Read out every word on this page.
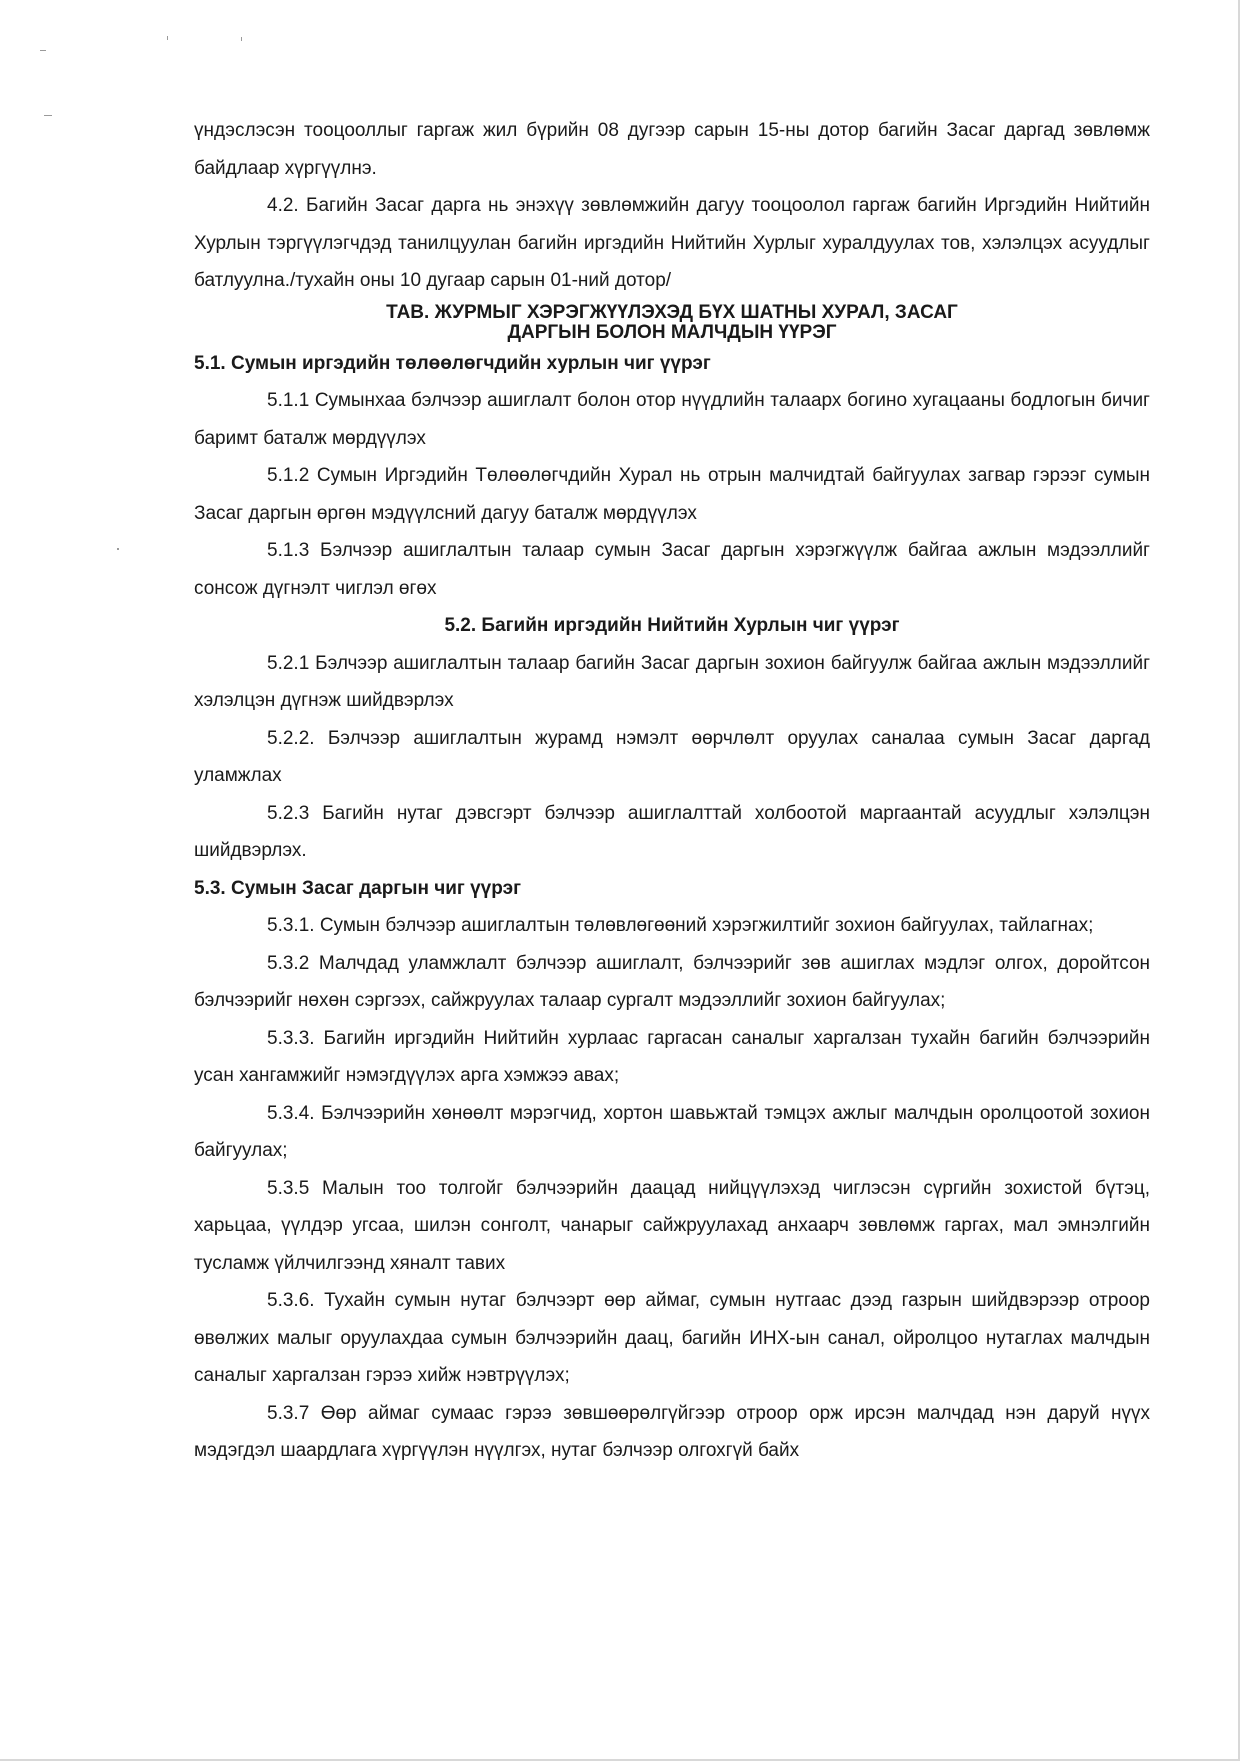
үндэслэсэн тооцооллыг гаргаж жил бүрийн 08 дугээр сарын 15-ны дотор багийн Засаг даргад зөвлөмж байдлаар хүргүүлнэ.

4.2. Багийн Засаг дарга нь энэхүү зөвлөмжийн дагуу тооцоолол гаргаж багийн Иргэдийн Нийтийн Хурлын тэргүүлэгчдэд танилцуулан багийн иргэдийн Нийтийн Хурлыг хуралдуулах тов, хэлэлцэх асуудлыг батлуулна./тухайн оны 10 дугаар сарын 01-ний дотор/

ТАВ. ЖУРМЫГ ХЭРЭГЖҮҮЛЭХЭД БҮХ ШАТНЫ ХУРАЛ, ЗАСАГ
ДАРГЫН БОЛОН МАЛЧДЫН ҮҮРЭГ

5.1. Сумын иргэдийн төлөөлөгчдийн хурлын чиг үүрэг

5.1.1 Сумынхаа бэлчээр ашиглалт болон отор нүүдлийн талаарх богино хугацааны бодлогын бичиг баримт баталж мөрдүүлэх

5.1.2 Сумын Иргэдийн Төлөөлөгчдийн Хурал нь отрын малчидтай байгуулах загвар гэрээг сумын Засаг даргын өргөн мэдүүлсний дагуу баталж мөрдүүлэх

5.1.3 Бэлчээр ашиглалтын талаар сумын Засаг даргын хэрэгжүүлж байгаа ажлын мэдээллийг сонсож дүгнэлт чиглэл өгөх

5.2. Багийн иргэдийн Нийтийн Хурлын чиг үүрэг

5.2.1 Бэлчээр ашиглалтын талаар багийн Засаг даргын зохион байгуулж байгаа ажлын мэдээллийг хэлэлцэн дүгнэж шийдвэрлэх

5.2.2. Бэлчээр ашиглалтын журамд нэмэлт өөрчлөлт оруулах саналаа сумын Засаг даргад уламжлах

5.2.3 Багийн нутаг дэвсгэрт бэлчээр ашиглалттай холбоотой маргаантай асуудлыг хэлэлцэн шийдвэрлэх.

5.3. Сумын Засаг даргын чиг үүрэг

5.3.1. Сумын бэлчээр ашиглалтын төлөвлөгөөний хэрэгжилтийг зохион байгуулах, тайлагнах;

5.3.2 Малчдад уламжлалт бэлчээр ашиглалт, бэлчээрийг зөв ашиглах мэдлэг олгох, доройтсон бэлчээрийг нөхөн сэргээх, сайжруулах талаар сургалт мэдээллийг зохион байгуулах;

5.3.3. Багийн иргэдийн Нийтийн хурлаас гаргасан саналыг харгалзан тухайн багийн бэлчээрийн усан хангамжийг нэмэгдүүлэх арга хэмжээ авах;

5.3.4. Бэлчээрийн хөнөөлт мэрэгчид, хортон шавьжтай тэмцэх ажлыг малчдын оролцоотой зохион байгуулах;

5.3.5 Малын тоо толгойг бэлчээрийн даацад нийцүүлэхэд чиглэсэн сүргийн зохистой бүтэц, харьцаа, үүлдэр угсаа, шилэн сонголт, чанарыг сайжруулахад анхаарч зөвлөмж гаргах, мал эмнэлгийн тусламж үйлчилгээнд хяналт тавих

5.3.6. Тухайн сумын нутаг бэлчээрт өөр аймаг, сумын нутгаас дээд газрын шийдвэрээр отроор өвөлжих малыг оруулахдаа сумын бэлчээрийн даац, багийн ИНХ-ын санал, ойролцоо нутаглах малчдын саналыг харгалзан гэрээ хийж нэвтрүүлэх;

5.3.7 Өөр аймаг сумаас гэрээ зөвшөөрөлгүйгээр отроор орж ирсэн малчдад нэн даруй нүүх мэдэгдэл шаардлага хүргүүлэн нүүлгэх, нутаг бэлчээр олгохгүй байх
